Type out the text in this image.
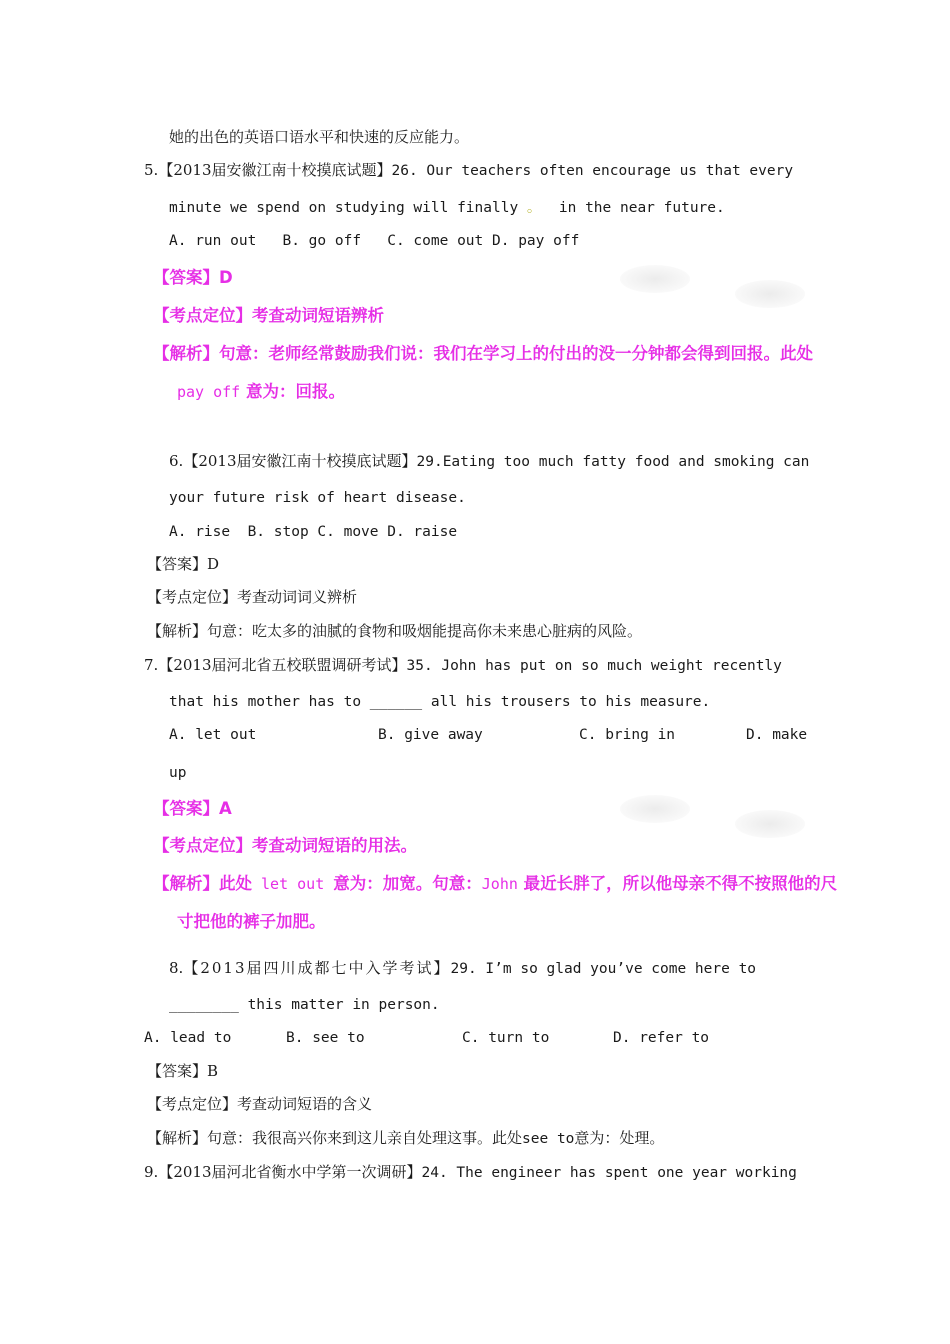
她的出色的英语口语水平和快速的反应能力。
5.【2013届安徽江南十校摸底试题】26. Our teachers often encourage us that every
minute we spend on studying will finally 。  in the near future.
A. run out   B. go off   C. come out D. pay off
【答案】D
【考点定位】考查动词短语辨析
【解析】句意：老师经常鼓励我们说：我们在学习上的付出的没一分钟都会得到回报。此处
pay off 意为：回报。
6.【2013届安徽江南十校摸底试题】29.Eating too much fatty food and smoking can
your future risk of heart disease.
A. rise  B. stop C. move D. raise
【答案】D
【考点定位】考查动词词义辨析
【解析】句意：吃太多的油腻的食物和吸烟能提高你未来患心脏病的风险。
7.【2013届河北省五校联盟调研考试】35. John has put on so much weight recently
that his mother has to ______ all his trousers to his measure.
A. let out	B. give away	C. bring in	D. make
up
【答案】A
【考点定位】考查动词短语的用法。
【解析】此处 let out 意为：加宽。句意：John 最近长胖了，所以他母亲不得不按照他的尺
寸把他的裤子加肥。
8.【2013届四川成都七中入学考试】29. I’m so glad you’ve come here to
________ this matter in person.
A. lead to	B. see to	C. turn to	D. refer to
【答案】B
【考点定位】考查动词短语的含义
【解析】句意：我很高兴你来到这儿亲自处理这事。此处see to意为：处理。
9.【2013届河北省衡水中学第一次调研】24. The engineer has spent one year working
